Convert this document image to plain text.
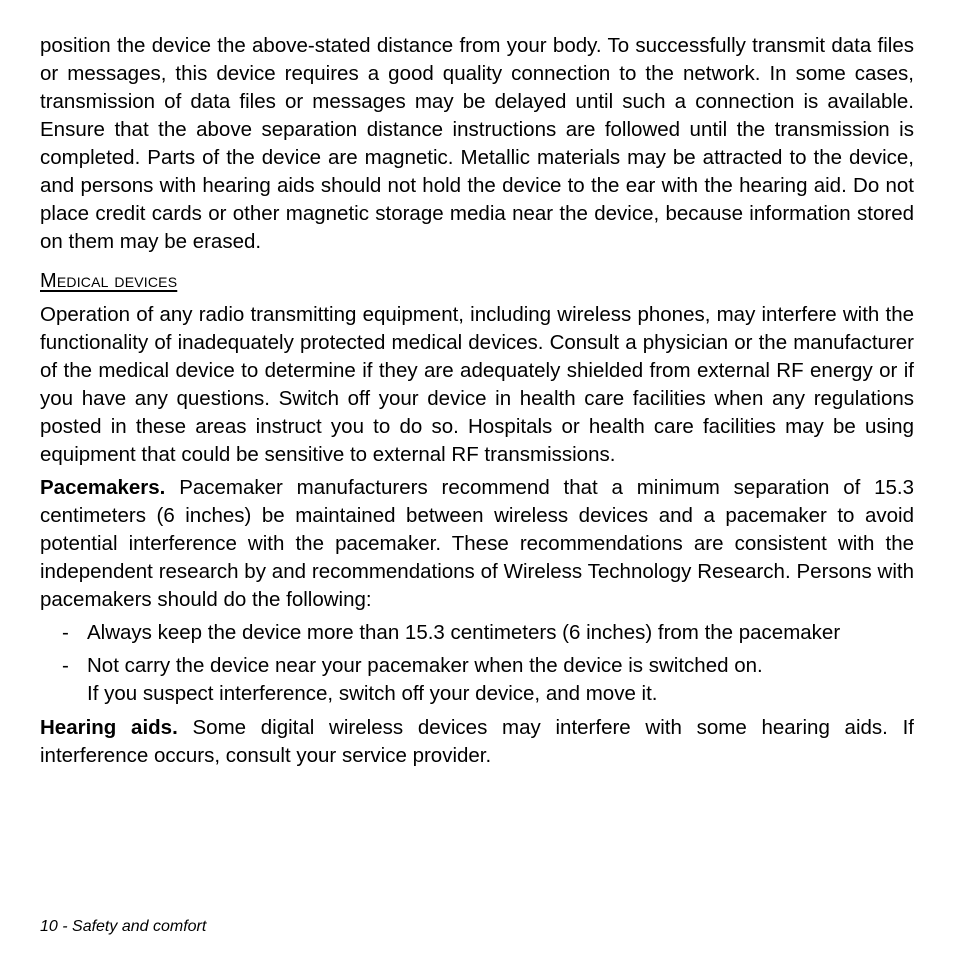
position the device the above-stated distance from your body. To successfully transmit data files or messages, this device requires a good quality connection to the network. In some cases, transmission of data files or messages may be delayed until such a connection is available. Ensure that the above separation distance instructions are followed until the transmission is completed. Parts of the device are magnetic. Metallic materials may be attracted to the device, and persons with hearing aids should not hold the device to the ear with the hearing aid. Do not place credit cards or other magnetic storage media near the device, because information stored on them may be erased.

Medical devices

Operation of any radio transmitting equipment, including wireless phones, may interfere with the functionality of inadequately protected medical devices. Consult a physician or the manufacturer of the medical device to determine if they are adequately shielded from external RF energy or if you have any questions. Switch off your device in health care facilities when any regulations posted in these areas instruct you to do so. Hospitals or health care facilities may be using equipment that could be sensitive to external RF transmissions.

Pacemakers. Pacemaker manufacturers recommend that a minimum separation of 15.3 centimeters (6 inches) be maintained between wireless devices and a pacemaker to avoid potential interference with the pacemaker. These recommendations are consistent with the independent research by and recommendations of Wireless Technology Research. Persons with pacemakers should do the following:

- Always keep the device more than 15.3 centimeters (6 inches) from the pacemaker
- Not carry the device near your pacemaker when the device is switched on.
If you suspect interference, switch off your device, and move it.

Hearing aids. Some digital wireless devices may interfere with some hearing aids. If interference occurs, consult your service provider.

10 - Safety and comfort
